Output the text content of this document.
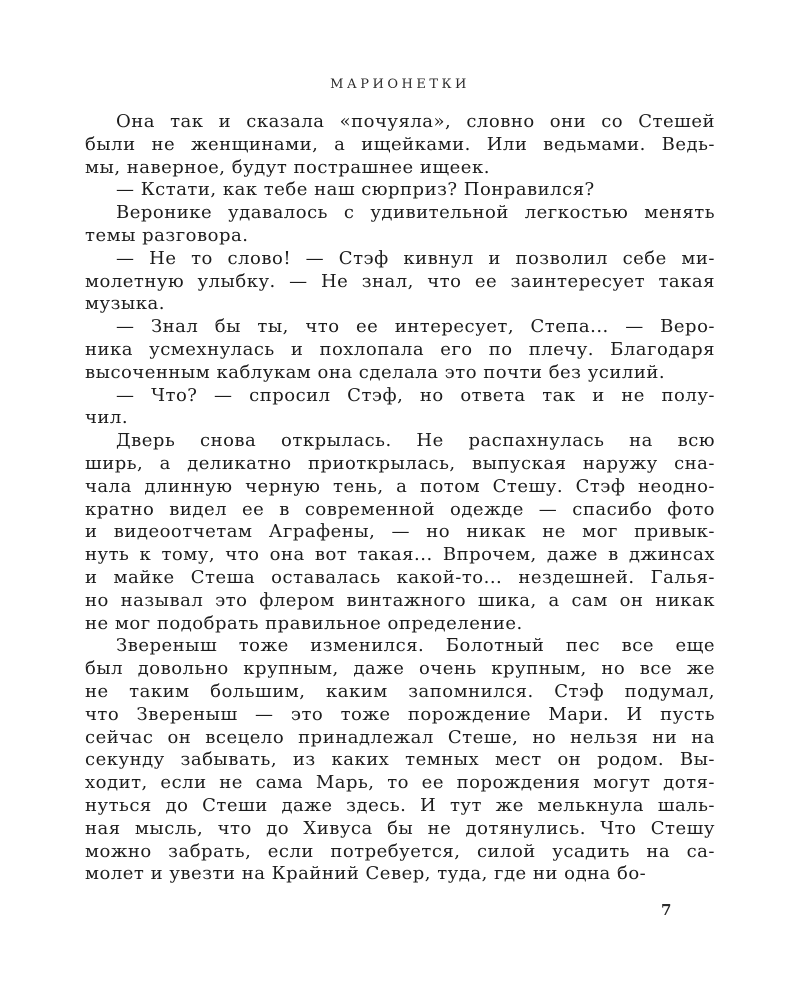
МАРИОНЕТКИ
Она так и сказала «почуяла», словно они со Стешей
были не женщинами, а ищейками. Или ведьмами. Ведь-
мы, наверное, будут пострашнее ищеек.
— Кстати, как тебе наш сюрприз? Понравился?
Веронике удавалось с удивительной легкостью менять
темы разговора.
— Не то слово! — Стэф кивнул и позволил себе ми-
молетную улыбку. — Не знал, что ее заинтересует такая
музыка.
— Знал бы ты, что ее интересует, Степа... — Веро-
ника усмехнулась и похлопала его по плечу. Благодаря
высоченным каблукам она сделала это почти без усилий.
— Что? — спросил Стэф, но ответа так и не полу-
чил.
Дверь снова открылась. Не распахнулась на всю
ширь, а деликатно приоткрылась, выпуская наружу сна-
чала длинную черную тень, а потом Стешу. Стэф неодно-
кратно видел ее в современной одежде — спасибо фото
и видеоотчетам Аграфены, — но никак не мог привык-
нуть к тому, что она вот такая... Впрочем, даже в джинсах
и майке Стеша оставалась какой-то... нездешней. Галья-
но называл это флером винтажного шика, а сам он никак
не мог подобрать правильное определение.
Звереныш тоже изменился. Болотный пес все еще
был довольно крупным, даже очень крупным, но все же
не таким большим, каким запомнился. Стэф подумал,
что Звереныш — это тоже порождение Мари. И пусть
сейчас он всецело принадлежал Стеше, но нельзя ни на
секунду забывать, из каких темных мест он родом. Вы-
ходит, если не сама Марь, то ее порождения могут дотя-
нуться до Стеши даже здесь. И тут же мелькнула шаль-
ная мысль, что до Хивуса бы не дотянулись. Что Стешу
можно забрать, если потребуется, силой усадить на са-
молет и увезти на Крайний Север, туда, где ни одна бо-
7
